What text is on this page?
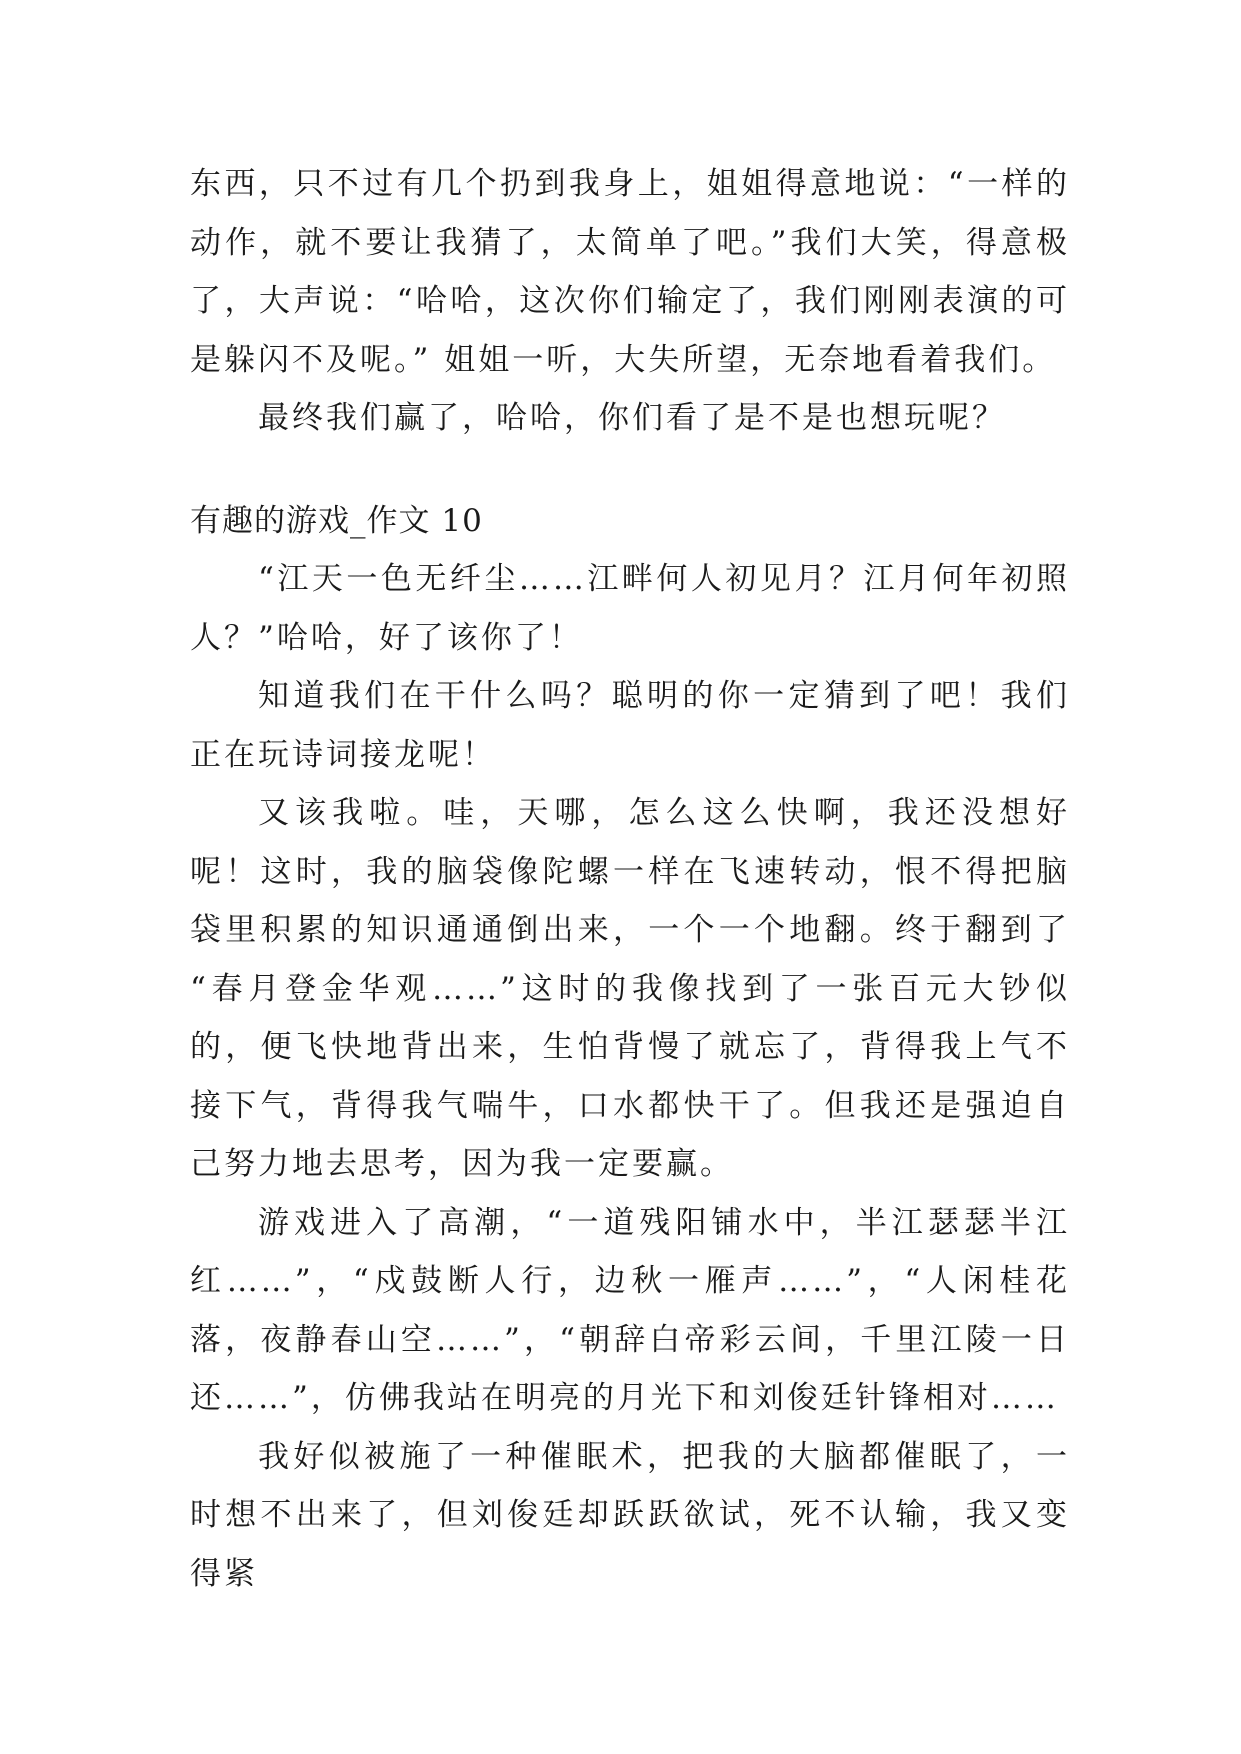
东西，只不过有几个扔到我身上，姐姐得意地说：“一样的动作，就不要让我猜了，太简单了吧。”我们大笑，得意极了，大声说：“哈哈，这次你们输定了，我们刚刚表演的可是躲闪不及呢。” 姐姐一听，大失所望，无奈地看着我们。

最终我们赢了，哈哈，你们看了是不是也想玩呢？

有趣的游戏_作文 10

“江天一色无纤尘……江畔何人初见月？江月何年初照人？”哈哈，好了该你了！

知道我们在干什么吗？聪明的你一定猜到了吧！我们正在玩诗词接龙呢！

又该我啦。哇，天哪，怎么这么快啊，我还没想好呢！这时，我的脑袋像陀螺一样在飞速转动，恨不得把脑袋里积累的知识通通倒出来，一个一个地翻。终于翻到了 “春月登金华观……”这时的我像找到了一张百元大钞似的，便飞快地背出来，生怕背慢了就忘了，背得我上气不接下气，背得我气喘牛，口水都快干了。但我还是强迫自己努力地去思考，因为我一定要赢。

游戏进入了高潮，“一道残阳铺水中，半江瑟瑟半江红……”，“戍鼓断人行，边秋一雁声……”，“人闲桂花落，夜静春山空……”，“朝辞白帝彩云间，千里江陵一日还……”，仿佛我站在明亮的月光下和刘俊廷针锋相对……

我好似被施了一种催眠术，把我的大脑都催眠了，一时想不出来了，但刘俊廷却跃跃欲试，死不认输，我又变得紧
